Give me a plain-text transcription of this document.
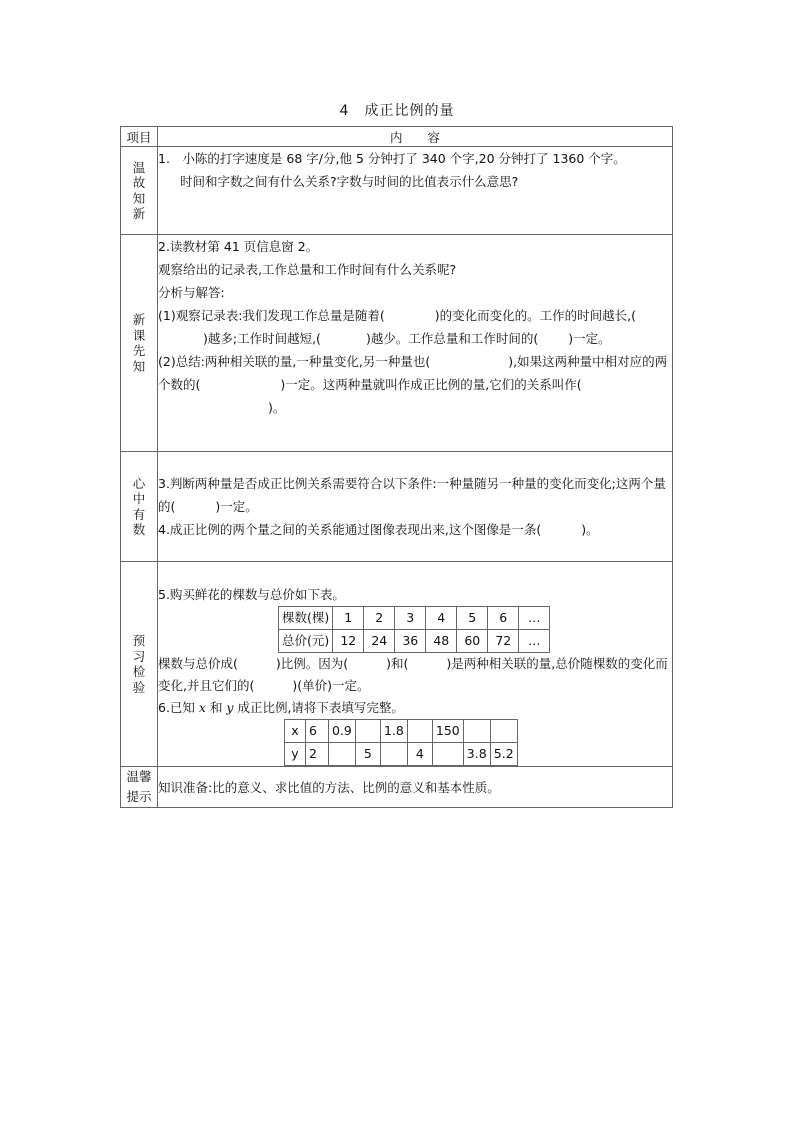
4　成正比例的量
项目	内　　容
温故知新	
1.　小陈的打字速度是 68 字/分,他 5 分钟打了 340 个字,20 分钟打了 1360 个字。
时间和字数之间有什么关系?字数与时间的比值表示什么意思?

新课先知	
2.读教材第 41 页信息窗 2。
观察给出的记录表,工作总量和工作时间有什么关系呢?
分析与解答:
(1)观察记录表:我们发现工作总量是随着(	)的变化而变化的。工作的时间越长,()越多;工作时间越短,(	)越少。工作总量和工作时间的( )一定。
(2)总结:两种相关联的量,一种量变化,另一种量也(	),如果这两种量中相对应的两个数的(	)一定。这两种量就叫作成正比例的量,它们的关系叫作()。

心中有数	
3.判断两种量是否成正比例关系需要符合以下条件:一种量随另一种量的变化而变化;这两个量的(	)一定。
4.成正比例的两个量之间的关系能通过图像表现出来,这个图像是一条(	)。

预习检验	
5.购买鲜花的棵数与总价如下表。
棵数(棵)	1	2	3	4	5	6	…
总价(元)	12	24	36	48	60	72	…
棵数与总价成(	)比例。因为(	)和(	)是两种相关联的量,总价随棵数的变化而变化,并且它们的(	)(单价)一定。
6.已知 x 和 y 成正比例,请将下表填写完整。
x	6	0.9		1.8		150		
y	2		5		4		3.8	5.2

温馨提示	知识准备:比的意义、求比值的方法、比例的意义和基本性质。
